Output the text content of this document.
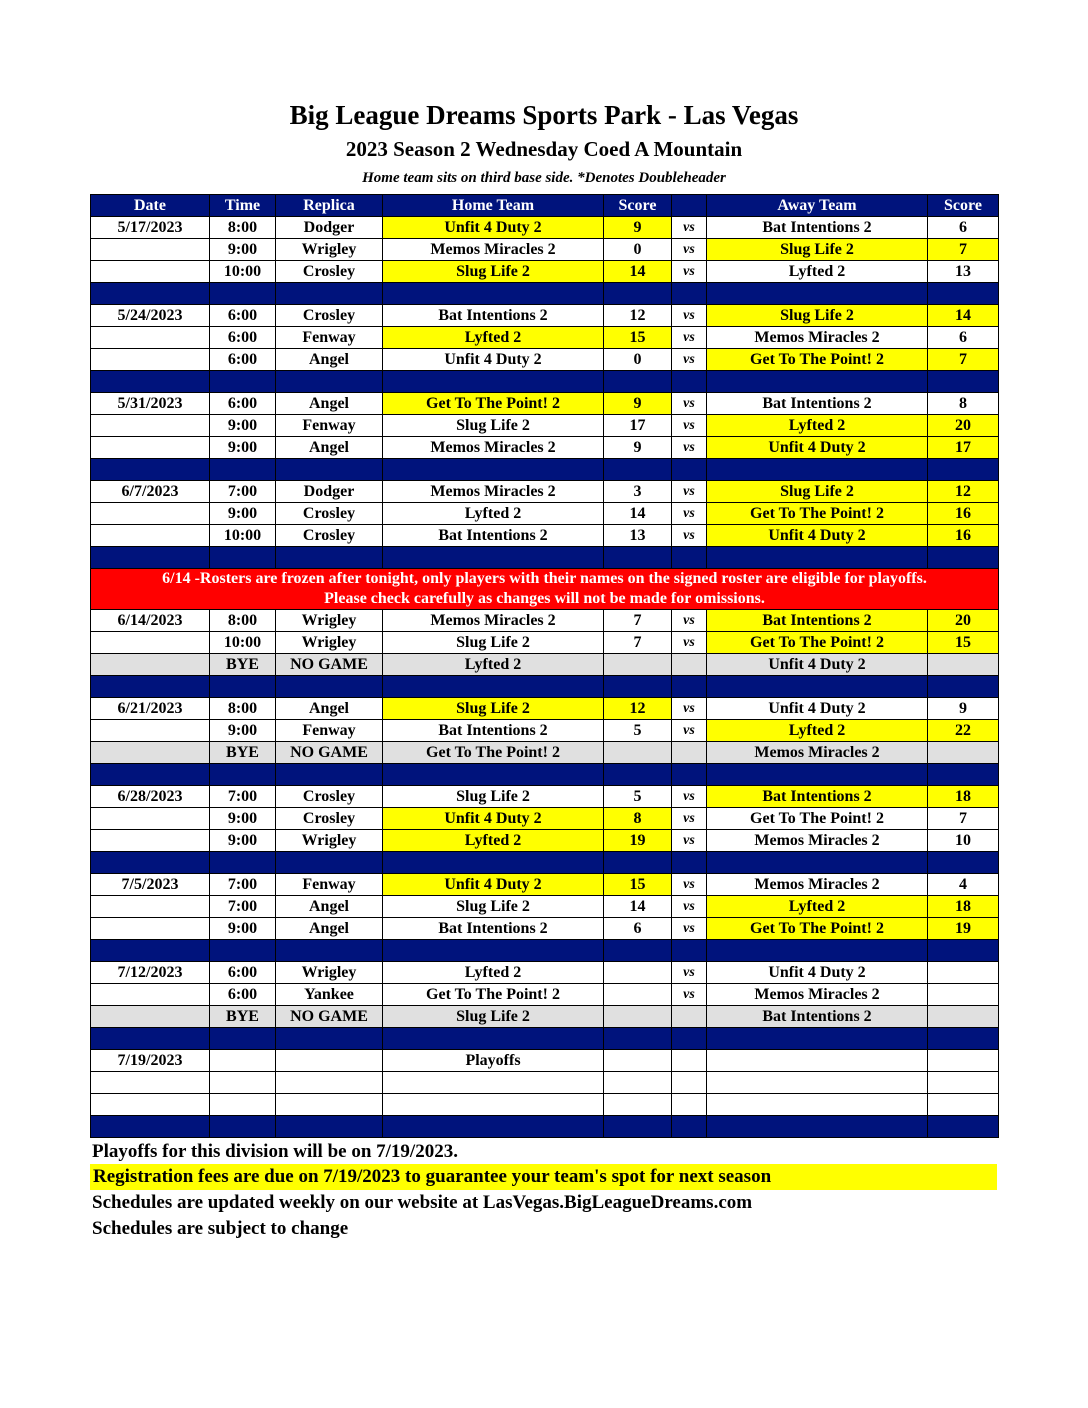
Big League Dreams Sports Park - Las Vegas
2023 Season 2 Wednesday Coed A Mountain
Home team sits on third base side. *Denotes Doubleheader
Date	Time	Replica	Home Team	Score		Away Team	Score
5/17/2023	8:00	Dodger	Unfit 4 Duty 2	9	vs	Bat Intentions 2	6
	9:00	Wrigley	Memos Miracles 2	0	vs	Slug Life 2	7
	10:00	Crosley	Slug Life 2	14	vs	Lyfted 2	13

5/24/2023	6:00	Crosley	Bat Intentions 2	12	vs	Slug Life 2	14
	6:00	Fenway	Lyfted 2	15	vs	Memos Miracles 2	6
	6:00	Angel	Unfit 4 Duty 2	0	vs	Get To The Point! 2	7

5/31/2023	6:00	Angel	Get To The Point! 2	9	vs	Bat Intentions 2	8
	9:00	Fenway	Slug Life 2	17	vs	Lyfted 2	20
	9:00	Angel	Memos Miracles 2	9	vs	Unfit 4 Duty 2	17

6/7/2023	7:00	Dodger	Memos Miracles 2	3	vs	Slug Life 2	12
	9:00	Crosley	Lyfted 2	14	vs	Get To The Point! 2	16
	10:00	Crosley	Bat Intentions 2	13	vs	Unfit 4 Duty 2	16

6/14 -Rosters are frozen after tonight, only players with their names on the signed roster are eligible for playoffs.
Please check carefully as changes will not be made for omissions.							

6/14/2023	8:00	Wrigley	Memos Miracles 2	7	vs	Bat Intentions 2	20
	10:00	Wrigley	Slug Life 2	7	vs	Get To The Point! 2	15
	BYE	NO GAME	Lyfted 2			Unfit 4 Duty 2	

6/21/2023	8:00	Angel	Slug Life 2	12	vs	Unfit 4 Duty 2	9
	9:00	Fenway	Bat Intentions 2	5	vs	Lyfted 2	22
	BYE	NO GAME	Get To The Point! 2			Memos Miracles 2	

6/28/2023	7:00	Crosley	Slug Life 2	5	vs	Bat Intentions 2	18
	9:00	Crosley	Unfit 4 Duty 2	8	vs	Get To The Point! 2	7
	9:00	Wrigley	Lyfted 2	19	vs	Memos Miracles 2	10

7/5/2023	7:00	Fenway	Unfit 4 Duty 2	15	vs	Memos Miracles 2	4
	7:00	Angel	Slug Life 2	14	vs	Lyfted 2	18
	9:00	Angel	Bat Intentions 2	6	vs	Get To The Point! 2	19

7/12/2023	6:00	Wrigley	Lyfted 2		vs	Unfit 4 Duty 2	
	6:00	Yankee	Get To The Point! 2		vs	Memos Miracles 2	
	BYE	NO GAME	Slug Life 2			Bat Intentions 2	

7/19/2023			Playoffs				

Playoffs for this division will be on 7/19/2023.
Registration fees are due on 7/19/2023 to guarantee your team's spot for next season
Schedules are updated weekly on our website at LasVegas.BigLeagueDreams.com
Schedules are subject to change
